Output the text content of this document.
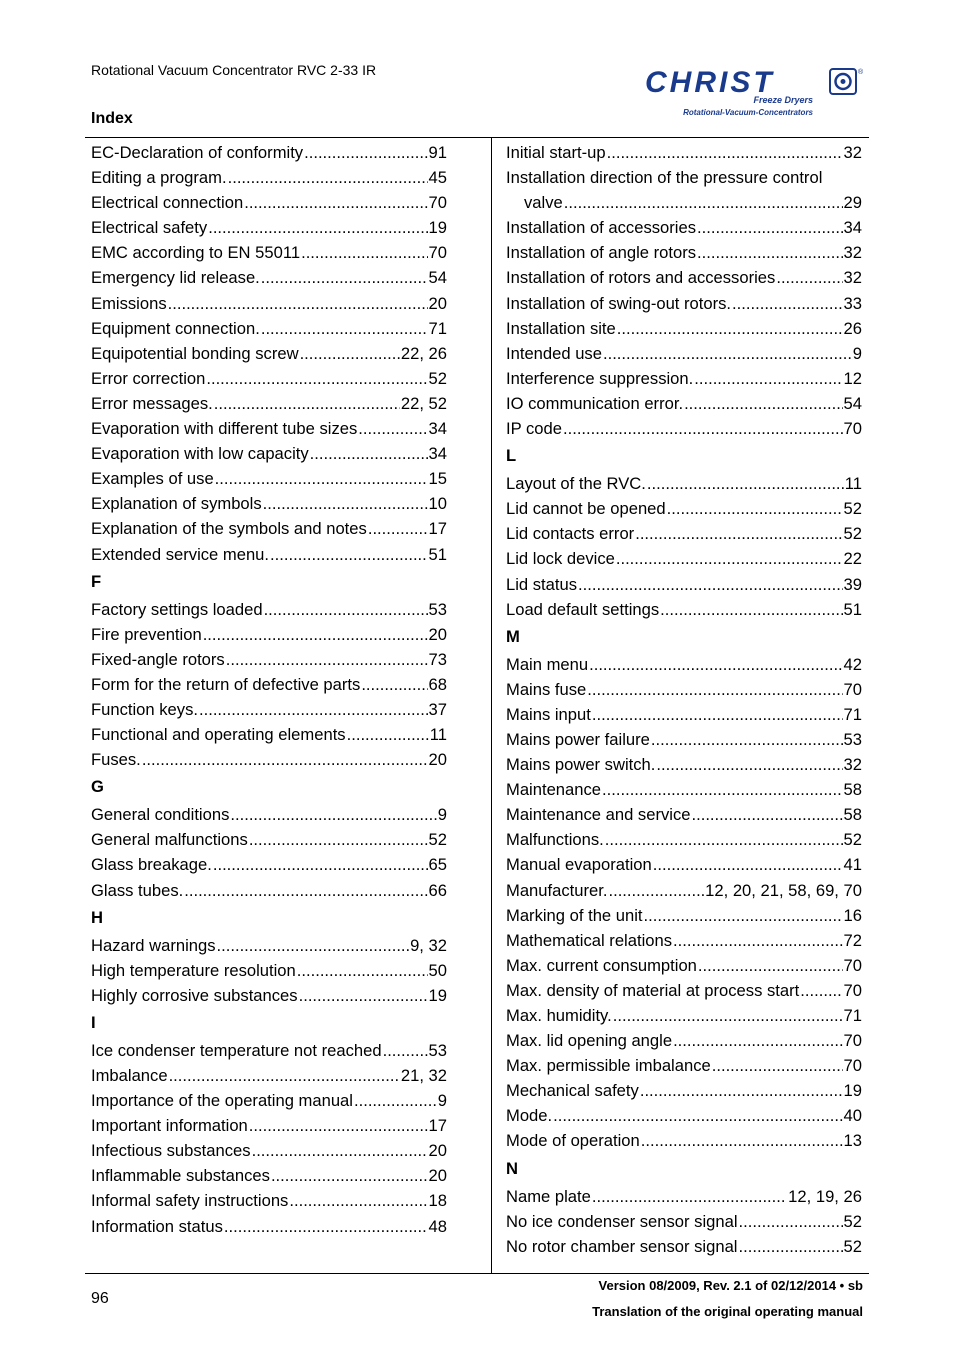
Rotational Vacuum Concentrator RVC 2-33 IR
Index
CHRIST	®
Freeze Dryers
Rotational-Vacuum-Concentrators
EC-Declaration of conformity .....	91
Editing a program. .....	45
Electrical connection .....	70
Electrical safety .....	19
EMC according to EN 55011 .....	70
Emergency lid release. .....	54
Emissions .....	20
Equipment connection. .....	71
Equipotential bonding screw .....	22, 26
Error correction .....	52
Error messages. .....	22, 52
Evaporation with different tube sizes .....	34
Evaporation with low capacity .....	34
Examples of use .....	15
Explanation of symbols .....	10
Explanation of the symbols and notes .....	17
Extended service menu. .....	51
F
Factory settings loaded .....	53
Fire prevention .....	20
Fixed-angle rotors .....	73
Form for the return of defective parts .....	68
Function keys. .....	37
Functional and operating elements .....	11
Fuses. .....	20
G
General conditions .....	9
General malfunctions .....	52
Glass breakage. .....	65
Glass tubes. .....	66
H
Hazard warnings .....	9, 32
High temperature resolution .....	50
Highly corrosive substances .....	19
I
Ice condenser temperature not reached .....	53
Imbalance .....	21, 32
Importance of the operating manual .....	9
Important information .....	17
Infectious substances .....	20
Inflammable substances .....	20
Informal safety instructions .....	18
Information status .....	48
Initial start-up .....	32
Installation direction of the pressure control
valve .....	29
Installation of accessories .....	34
Installation of angle rotors .....	32
Installation of rotors and accessories .....	32
Installation of swing-out rotors. .....	33
Installation site .....	26
Intended use .....	9
Interference suppression. .....	12
IO communication error. .....	54
IP code .....	70
L
Layout of the RVC. .....	11
Lid cannot be opened .....	52
Lid contacts error .....	52
Lid lock device .....	22
Lid status .....	39
Load default settings .....	51
M
Main menu .....	42
Mains fuse .....	70
Mains input .....	71
Mains power failure .....	53
Mains power switch. .....	32
Maintenance .....	58
Maintenance and service .....	58
Malfunctions. .....	52
Manual evaporation .....	41
Manufacturer. .....	12, 20, 21, 58, 69, 70
Marking of the unit .....	16
Mathematical relations .....	72
Max. current consumption .....	70
Max. density of material at process start .....	70
Max. humidity. .....	71
Max. lid opening angle .....	70
Max. permissible imbalance .....	70
Mechanical safety .....	19
Mode. .....	40
Mode of operation .....	13
N
Name plate .....	12, 19, 26
No ice condenser sensor signal .....	52
No rotor chamber sensor signal .....	52
96
Version 08/2009, Rev. 2.1 of 02/12/2014 • sb
Translation of the original operating manual
